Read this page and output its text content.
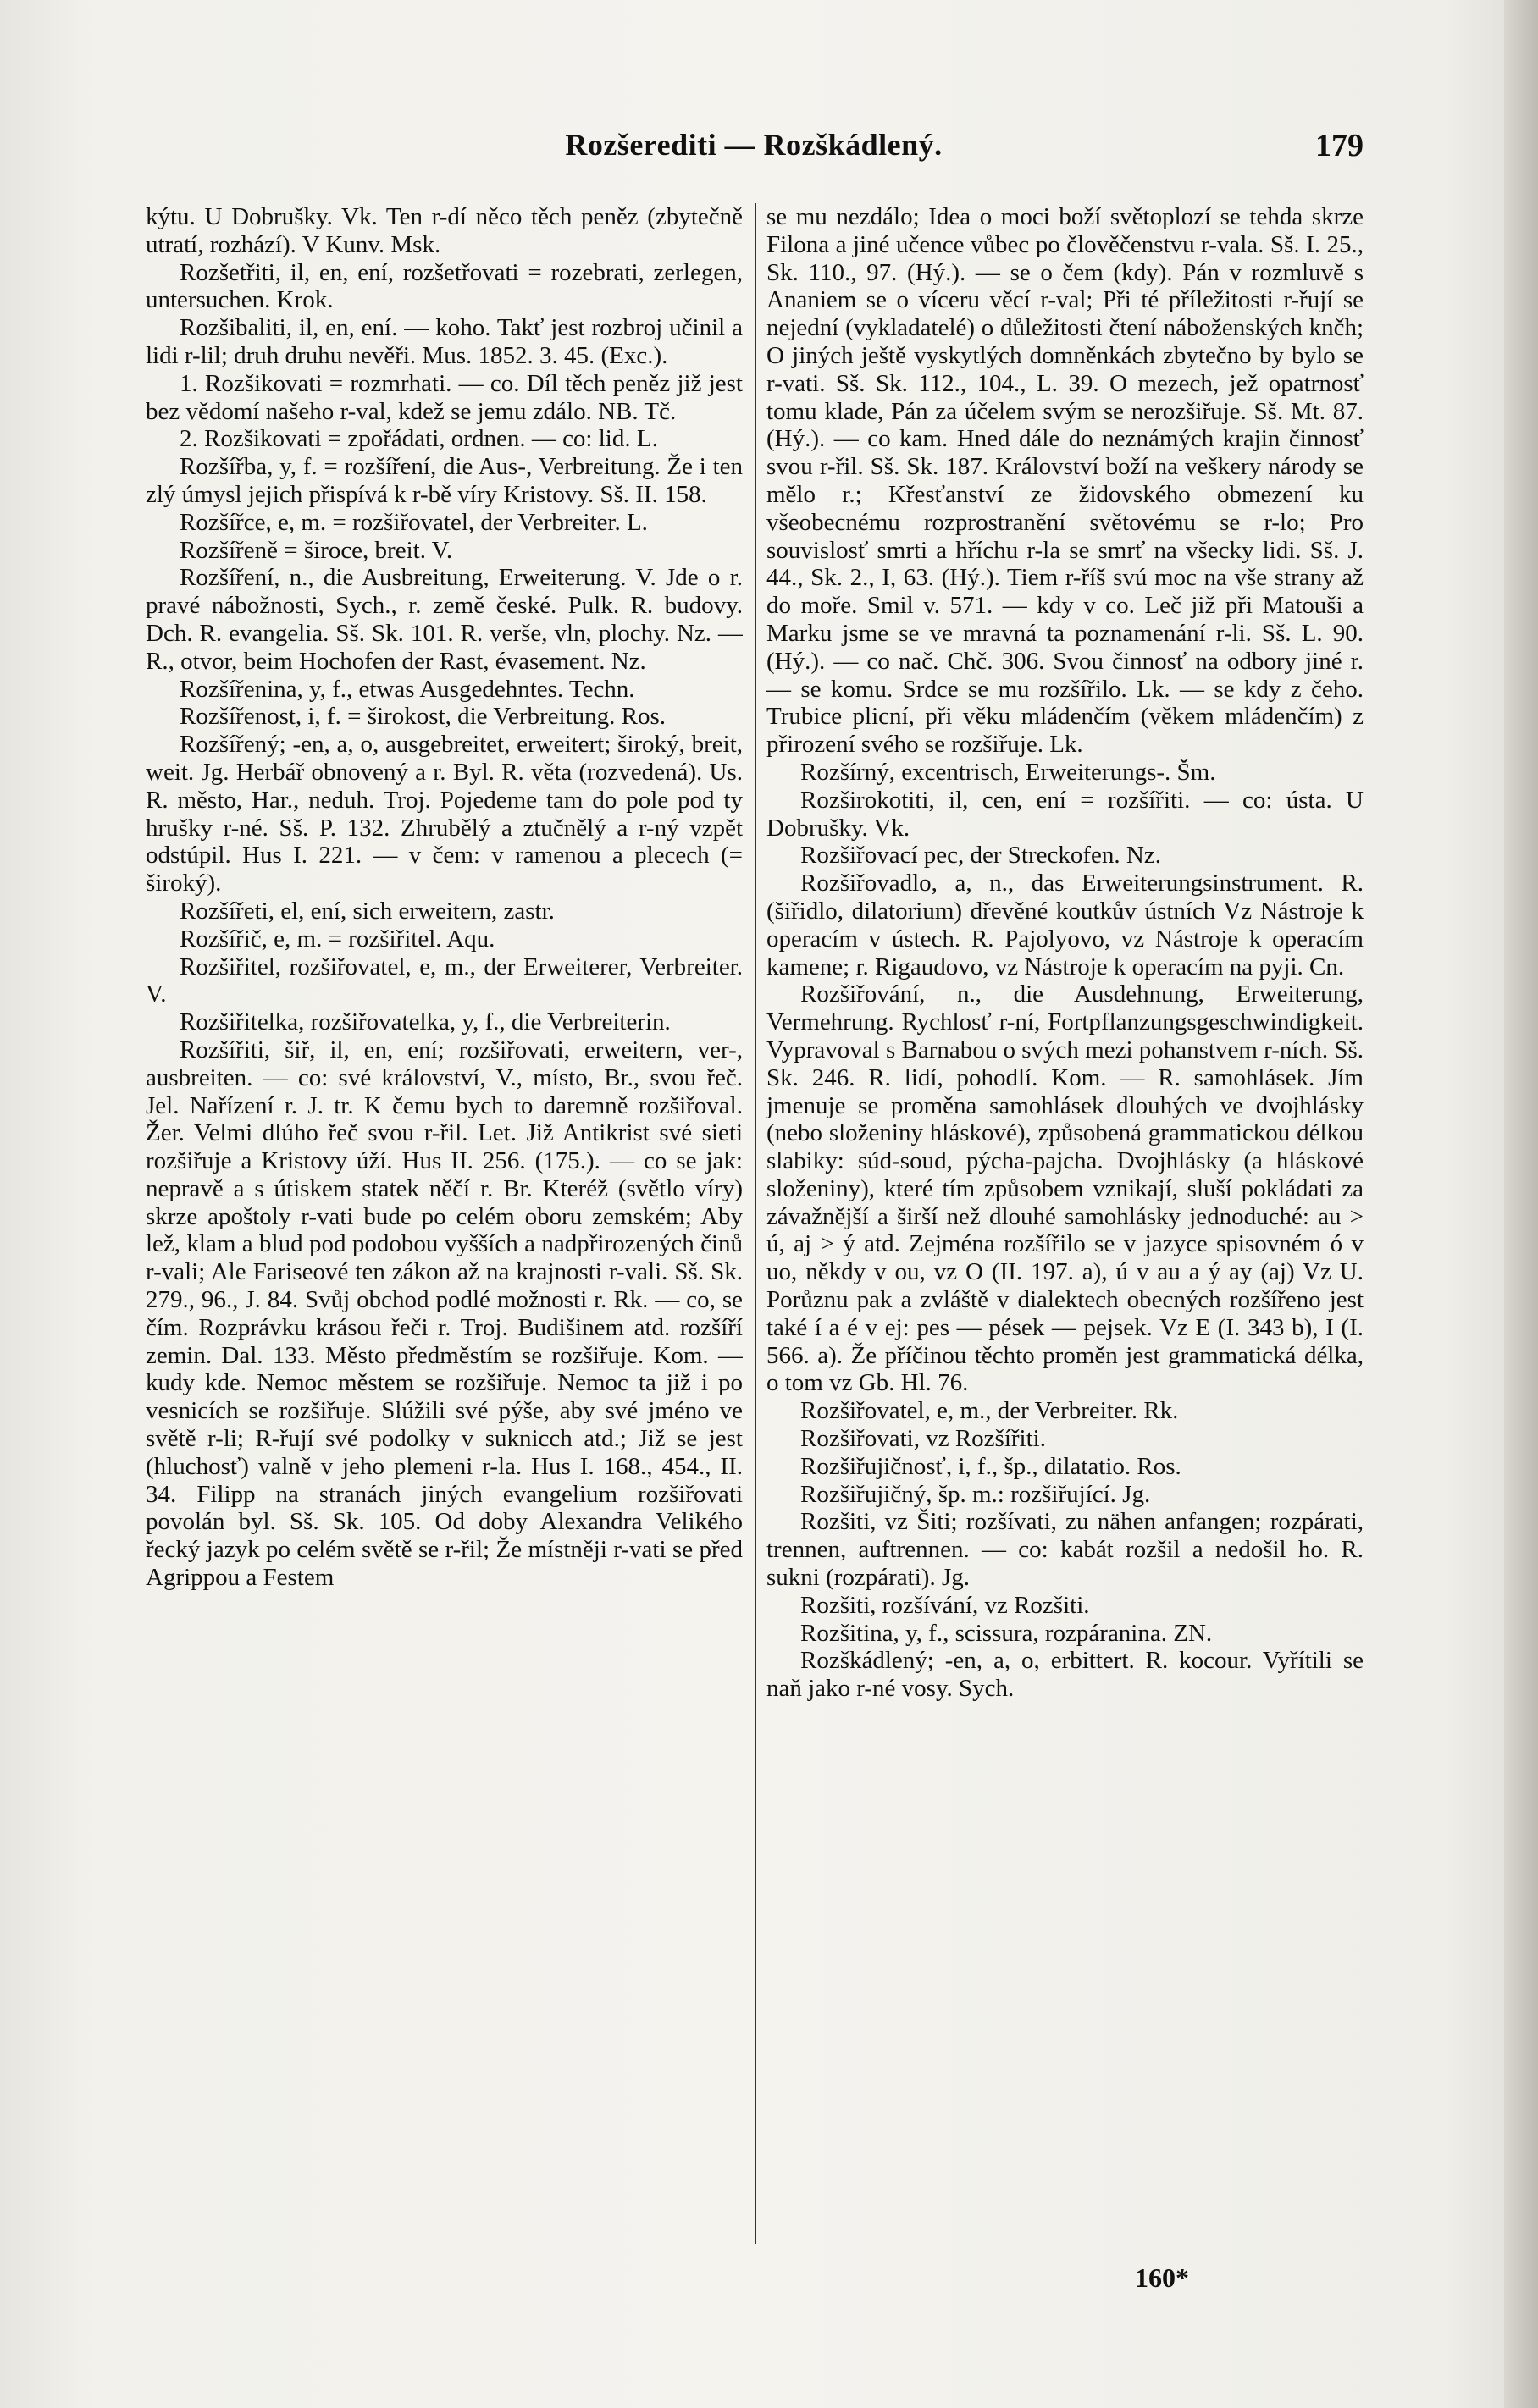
Rozšerediti — Rozškádlený.	179

kýtu. U Dobrušky. Vk. Ten r-dí něco těch peněz (zbytečně utratí, rozhází). V Kunv. Msk.

Rozšetřiti, il, en, ení, rozšetřovati = rozebrati, zerlegen, untersuchen. Krok.

Rozšibaliti, il, en, ení. — koho. Takť jest rozbroj učinil a lidi r-lil; druh druhu nevěři. Mus. 1852. 3. 45. (Exc.).

1. Rozšikovati = rozmrhati. — co. Díl těch peněz již jest bez vědomí našeho r-val, kdež se jemu zdálo. NB. Tč.

2. Rozšikovati = zpořádati, ordnen. — co: lid. L.

Rozšířba, y, f. = rozšíření, die Aus-, Verbreitung. Že i ten zlý úmysl jejich přispívá k r-bě víry Kristovy. Sš. II. 158.

Rozšířce, e, m. = rozšiřovatel, der Verbreiter. L.

Rozšířeně = široce, breit. V.

Rozšíření, n., die Ausbreitung, Erweiterung. V. Jde o r. pravé nábožnosti, Sych., r. země české. Pulk. R. budovy. Dch. R. evangelia. Sš. Sk. 101. R. verše, vln, plochy. Nz. — R., otvor, beim Hochofen der Rast, évasement. Nz.

Rozšířenina, y, f., etwas Ausgedehntes. Techn.

Rozšířenost, i, f. = širokost, die Verbreitung. Ros.

Rozšířený; -en, a, o, ausgebreitet, erweitert; široký, breit, weit. Jg. Herbář obnovený a r. Byl. R. věta (rozvedená). Us. R. město, Har., neduh. Troj. Pojedeme tam do pole pod ty hrušky r-né. Sš. P. 132. Zhrubělý a ztučnělý a r-ný vzpět odstúpil. Hus I. 221. — v čem: v ramenou a plecech (= široký).

Rozšířeti, el, ení, sich erweitern, zastr.

Rozšířič, e, m. = rozšiřitel. Aqu.

Rozšiřitel, rozšiřovatel, e, m., der Erweiterer, Verbreiter. V.

Rozšiřitelka, rozšiřovatelka, y, f., die Verbreiterin.

Rozšířiti, šiř, il, en, ení; rozšiřovati, erweitern, ver-, ausbreiten. — co: své království, V., místo, Br., svou řeč. Jel. Nařízení r. J. tr. K čemu bych to daremně rozšiřoval. Žer. Velmi dlúho řeč svou r-řil. Let. Již Antikrist své sieti rozšiřuje a Kristovy úží. Hus II. 256. (175.). — co se jak: nepravě a s útiskem statek něčí r. Br. Kteréž (světlo víry) skrze apoštoly r-vati bude po celém oboru zemském; Aby lež, klam a blud pod podobou vyšších a nadpřirozených činů r-vali; Ale Fariseové ten zákon až na krajnosti r-vali. Sš. Sk. 279., 96., J. 84. Svůj obchod podlé možnosti r. Rk. — co, se čím. Rozprávku krásou řeči r. Troj. Budišinem atd. rozšíří zemin. Dal. 133. Město předměstím se rozšiřuje. Kom. — kudy kde. Nemoc městem se rozšiřuje. Nemoc ta již i po vesnicích se rozšiřuje. Slúžili své pýše, aby své jméno ve světě r-li; R-řují své podolky v suknicch atd.; Již se jest (hluchosť) valně v jeho plemeni r-la. Hus I. 168., 454., II. 34. Filipp na stranách jiných evangelium rozšiřovati povolán byl. Sš. Sk. 105. Od doby Alexandra Velikého řecký jazyk po celém světě se r-řil; Že místněji r-vati se před Agrippou a Festem

se mu nezdálo; Idea o moci boží světoplozí se tehda skrze Filona a jiné učence vůbec po člověčenstvu r-vala. Sš. I. 25., Sk. 110., 97. (Hý.). — se o čem (kdy). Pán v rozmluvě s Ananiem se o víceru věcí r-val; Při té příležitosti r-řují se nejední (vykladatelé) o důležitosti čtení náboženských knčh; O jiných ještě vyskytlých domněnkách zbytečno by bylo se r-vati. Sš. Sk. 112., 104., L. 39. O mezech, jež opatrnosť tomu klade, Pán za účelem svým se nerozšiřuje. Sš. Mt. 87. (Hý.). — co kam. Hned dále do neznámých krajin činnosť svou r-řil. Sš. Sk. 187. Království boží na veškery národy se mělo r.; Křesťanství ze židovského obmezení ku všeobecnému rozprostranění světovému se r-lo; Pro souvislosť smrti a hříchu r-la se smrť na všecky lidi. Sš. J. 44., Sk. 2., I, 63. (Hý.). Tiem r-říš svú moc na vše strany až do moře. Smil v. 571. — kdy v co. Leč již při Matouši a Marku jsme se ve mravná ta poznamenání r-li. Sš. L. 90. (Hý.). — co nač. Chč. 306. Svou činnosť na odbory jiné r. — se komu. Srdce se mu rozšířilo. Lk. — se kdy z čeho. Trubice plicní, při věku mládenčím (věkem mládenčím) z přirození svého se rozšiřuje. Lk.

Rozšírný, excentrisch, Erweiterungs-. Šm.

Rozširokotiti, il, cen, ení = rozšířiti. — co: ústa. U Dobrušky. Vk.

Rozšiřovací pec, der Streckofen. Nz.

Rozšiřovadlo, a, n., das Erweiterungsinstrument. R. (šiřidlo, dilatorium) dřevěné koutkův ústních Vz Nástroje k operacím v ústech. R. Pajolyovo, vz Nástroje k operacím kamene; r. Rigaudovo, vz Nástroje k operacím na pyji. Cn.

Rozšiřování, n., die Ausdehnung, Erweiterung, Vermehrung. Rychlosť r-ní, Fortpflanzungsgeschwindigkeit. Vypravoval s Barnabou o svých mezi pohanstvem r-ních. Sš. Sk. 246. R. lidí, pohodlí. Kom. — R. samohlásek. Jím jmenuje se proměna samohlásek dlouhých ve dvojhlásky (nebo složeniny hláskové), způsobená grammatickou délkou slabiky: súd-soud, pýcha-pajcha. Dvojhlásky (a hláskové složeniny), které tím způsobem vznikají, sluší pokládati za závažnější a širší než dlouhé samohlásky jednoduché: au > ú, aj > ý atd. Zejména rozšířilo se v jazyce spisovném ó v uo, někdy v ou, vz O (II. 197. a), ú v au a ý ay (aj) Vz U. Porůznu pak a zvláště v dialektech obecných rozšířeno jest také í a é v ej: pes — pések — pejsek. Vz E (I. 343 b), I (I. 566. a). Že příčinou těchto proměn jest grammatická délka, o tom vz Gb. Hl. 76.

Rozšiřovatel, e, m., der Verbreiter. Rk.

Rozšiřovati, vz Rozšířiti.

Rozšiřujičnosť, i, f., šp., dilatatio. Ros.

Rozšiřujičný, šp. m.: rozšiřující. Jg.

Rozšiti, vz Šiti; rozšívati, zu nähen anfangen; rozpárati, trennen, auftrennen. — co: kabát rozšil a nedošil ho. R. sukni (rozpárati). Jg.

Rozšiti, rozšívání, vz Rozšiti.

Rozšitina, y, f., scissura, rozpáranina. ZN.

Rozškádlený; -en, a, o, erbittert. R. kocour. Vyřítili se naň jako r-né vosy. Sych.

160*
